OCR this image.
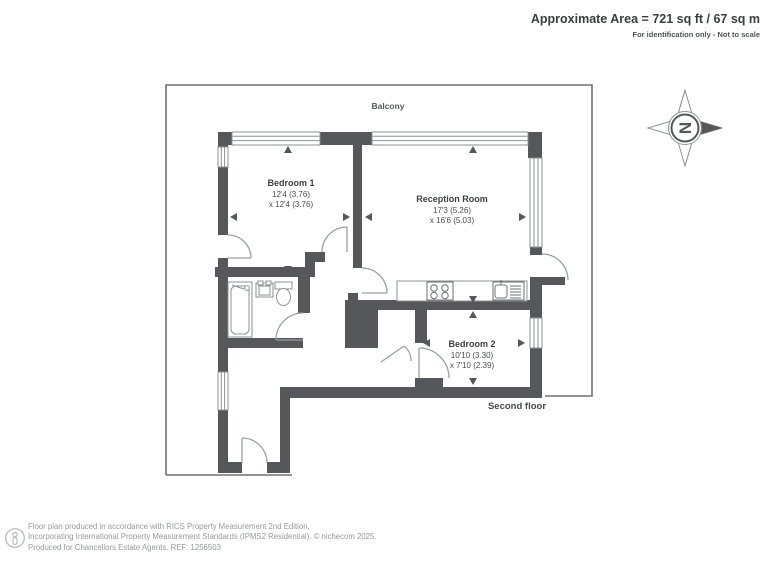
N
Balcony
Bedroom 1
12'4 (3.76)
x 12'4 (3.76)
Reception Room
17'3 (5.26)
x 16'6 (5.03)
Bedroom 2
10'10 (3.30)
x 7'10 (2.39)
Second floor
Approximate Area = 721 sq ft / 67 sq m
For identification only - Not to scale
Floor plan produced in accordance with RICS Property Measurement 2nd Edition,
Incorporating International Property Measurement Standards (IPMS2 Residential). © nichecom 2025.
Produced for Chancellors Estate Agents. REF: 1256503
